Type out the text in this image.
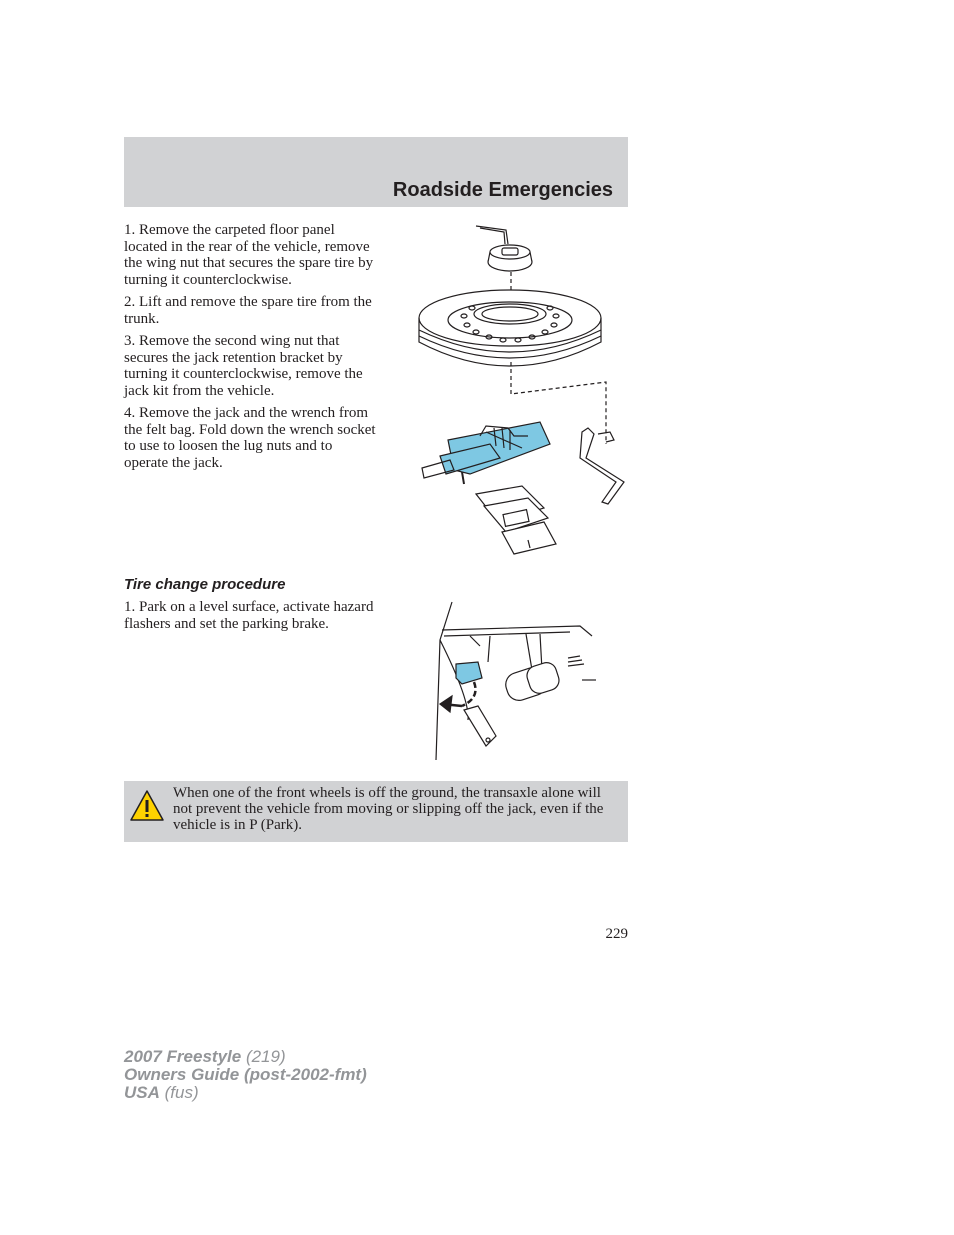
Roadside Emergencies

1. Remove the carpeted floor panel located in the rear of the vehicle, remove the wing nut that secures the spare tire by turning it counterclockwise.

2. Lift and remove the spare tire from the trunk.

3. Remove the second wing nut that secures the jack retention bracket by turning it counterclockwise, remove the jack kit from the vehicle.

4. Remove the jack and the wrench from the felt bag. Fold down the wrench socket to use to loosen the lug nuts and to operate the jack.

Tire change procedure

1. Park on a level surface, activate hazard flashers and set the parking brake.

When one of the front wheels is off the ground, the transaxle alone will not prevent the vehicle from moving or slipping off the jack, even if the vehicle is in P (Park).

229
2007 Freestyle (219)
Owners Guide (post-2002-fmt)
USA (fus)
